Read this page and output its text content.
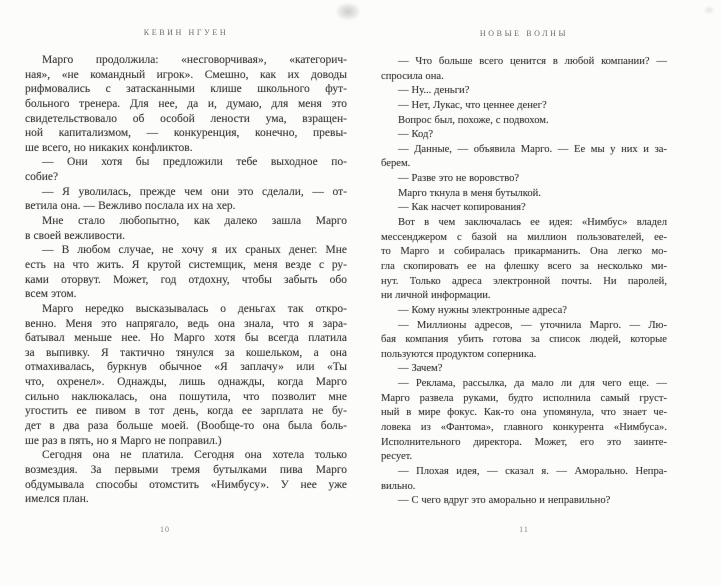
КЕВИН НГУЕН	НОВЫЕ ВОЛНЫ
Марго продолжила: «несговорчивая», «категорич-
ная», «не командный игрок». Смешно, как их доводы
рифмовались с затасканными клише школьного фут-
больного тренера. Для нее, да и, думаю, для меня это
свидетельствовало об особой лености ума, взращен-
ной капитализмом, — конкуренция, конечно, превы-
ше всего, но никаких конфликтов.
— Они хотя бы предложили тебе выходное по-
собие?
— Я уволилась, прежде чем они это сделали, — от-
ветила она. — Вежливо послала их на хер.
Мне стало любопытно, как далеко зашла Марго
в своей вежливости.
— В любом случае, не хочу я их сраных денег. Мне
есть на что жить. Я крутой системщик, меня везде с ру-
ками оторвут. Может, год отдохну, чтобы забыть обо
всем этом.
Марго нередко высказывалась о деньгах так откро-
венно. Меня это напрягало, ведь она знала, что я зара-
батывал меньше нее. Но Марго хотя бы всегда платила
за выпивку. Я тактично тянулся за кошельком, а она
отмахивалась, буркнув обычное «Я заплачу» или «Ты
что, охренел». Однажды, лишь однажды, когда Марго
сильно наклюкалась, она пошутила, что позволит мне
угостить ее пивом в тот день, когда ее зарплата не бу-
дет в два раза больше моей. (Вообще-то она была боль-
ше раз в пять, но я Марго не поправил.)
Сегодня она не платила. Сегодня она хотела только
возмездия. За первыми тремя бутылками пива Марго
обдумывала способы отомстить «Нимбусу». У нее уже
имелся план.
— Что больше всего ценится в любой компании? —
спросила она.
— Ну... деньги?
— Нет, Лукас, что ценнее денег?
Вопрос был, похоже, с подвохом.
— Код?
— Данные, — объявила Марго. — Ее мы у них и за-
берем.
— Разве это не воровство?
Марго ткнула в меня бутылкой.
— Как насчет копирования?
Вот в чем заключалась ее идея: «Нимбус» владел
мессенджером с базой на миллион пользователей, ее-
то Марго и собиралась прикарманить. Она легко мо-
гла скопировать ее на флешку всего за несколько ми-
нут. Только адреса электронной почты. Ни паролей,
ни личной информации.
— Кому нужны электронные адреса?
— Миллионы адресов, — уточнила Марго. — Лю-
бая компания убить готова за список людей, которые
пользуются продуктом соперника.
— Зачем?
— Реклама, рассылка, да мало ли для чего еще. —
Марго развела руками, будто исполнила самый груст-
ный в мире фокус. Как-то она упомянула, что знает че-
ловека из «Фантома», главного конкурента «Нимбуса».
Исполнительного директора. Может, его это заинте-
ресует.
— Плохая идея, — сказал я. — Аморально. Непра-
вильно.
— С чего вдруг это аморально и неправильно?
10	11
